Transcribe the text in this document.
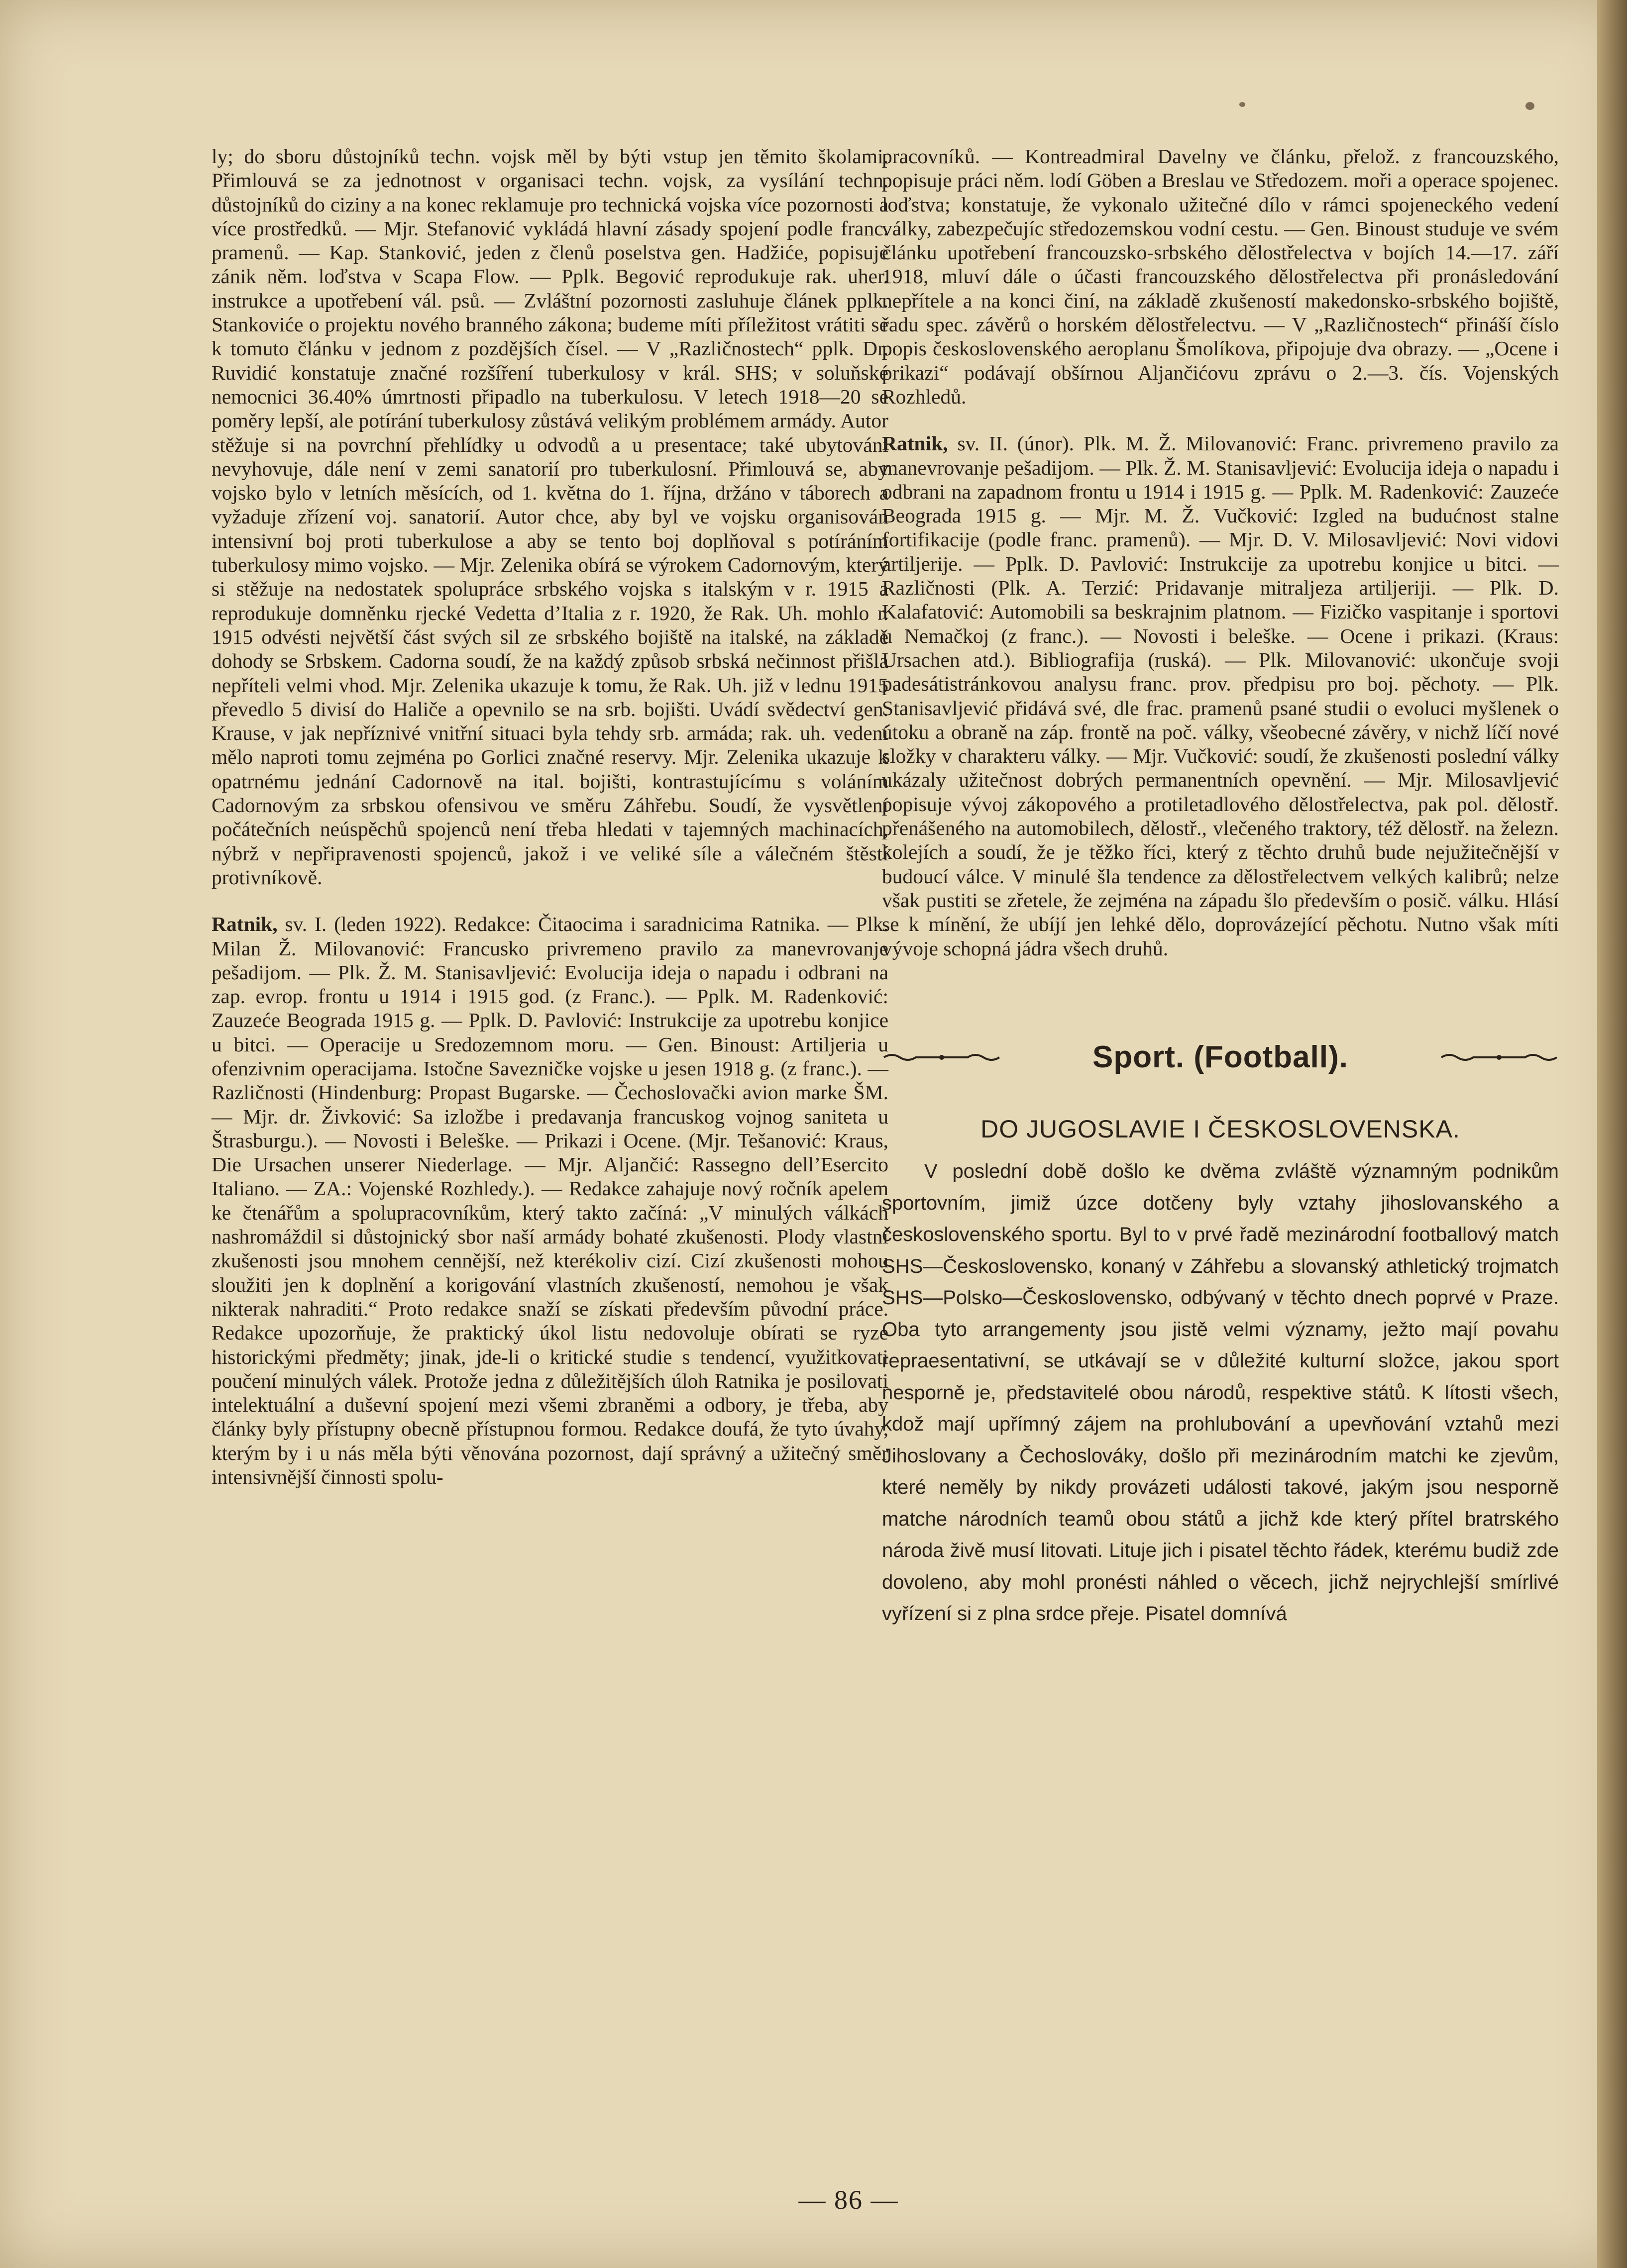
ly; do sboru důstojníků techn. vojsk měl by býti vstup jen těmito školami. Přimlouvá se za jednotnost v organisaci techn. vojsk, za vysílání techn. důstojníků do ciziny a na konec reklamuje pro technická vojska více pozornosti a více prostředků. — Mjr. Stefanović vykládá hlavní zásady spojení podle franc. pramenů. — Kap. Stanković, jeden z členů poselstva gen. Hadžiće, popisuje zánik něm. loďstva v Scapa Flow. — Pplk. Begović reprodukuje rak. uher. instrukce a upotřebení vál. psů. — Zvláštní pozornosti zasluhuje článek pplk. Stankoviće o projektu nového branného zákona; budeme míti příležitost vrátiti se k tomuto článku v jednom z pozdějších čísel. — V „Različnostech“ pplk. Dr. Ruvidić konstatuje značné rozšíření tuberkulosy v král. SHS; v soluňské nemocnici 36.40% úmrtnosti připadlo na tuberkulosu. V letech 1918—20 se poměry lepší, ale potírání tuberkulosy zůstává velikým problémem armády. Autor stěžuje si na povrchní přehlídky u odvodů a u presentace; také ubytování nevyhovuje, dále není v zemi sanatorií pro tuberkulosní. Přimlouvá se, aby vojsko bylo v letních měsících, od 1. května do 1. října, držáno v táborech a vyžaduje zřízení voj. sanatorií. Autor chce, aby byl ve vojsku organisován intensivní boj proti tuberkulose a aby se tento boj doplňoval s potíráním tuberkulosy mimo vojsko. — Mjr. Zelenika obírá se výrokem Cadornovým, který si stěžuje na nedostatek spolupráce srbského vojska s italským v r. 1915 a reprodukuje domněnku rjecké Vedetta d’Italia z r. 1920, že Rak. Uh. mohlo r. 1915 odvésti největší část svých sil ze srbského bojiště na italské, na základě dohody se Srbskem. Cadorna soudí, že na každý způsob srbská nečinnost přišla nepříteli velmi vhod. Mjr. Zelenika ukazuje k tomu, že Rak. Uh. již v lednu 1915 převedlo 5 divisí do Haliče a opevnilo se na srb. bojišti. Uvádí svědectví gen. Krause, v jak nepříznivé vnitřní situaci byla tehdy srb. armáda; rak. uh. vedení mělo naproti tomu zejména po Gorlici značné reservy. Mjr. Zelenika ukazuje k opatrnému jednání Cadornově na ital. bojišti, kontrastujícímu s voláním Cadornovým za srbskou ofensivou ve směru Záhřebu. Soudí, že vysvětlení počátečních neúspěchů spojenců není třeba hledati v tajemných machinacích, nýbrž v nepřipravenosti spojenců, jakož i ve veliké síle a válečném štěstí protivníkově.

Ratnik, sv. I. (leden 1922). Redakce: Čitaocima i saradnicima Ratnika. — Plk. Milan Ž. Milovanović: Francusko privremeno pravilo za manevrovanje pešadijom. — Plk. Ž. M. Stanisavljević: Evolucija ideja o napadu i odbrani na zap. evrop. frontu u 1914 i 1915 god. (z Franc.). — Pplk. M. Radenković: Zauzeće Beograda 1915 g. — Pplk. D. Pavlović: Instrukcije za upotrebu konjice u bitci. — Operacije u Sredozemnom moru. — Gen. Binoust: Artiljeria u ofenzivnim operacijama. Istočne Savezničke vojske u jesen 1918 g. (z franc.). — Različnosti (Hindenburg: Propast Bugarske. — Čechoslovački avion marke ŠM. — Mjr. dr. Živković: Sa izložbe i predavanja francuskog vojnog saniteta u Štrasburgu.). — Novosti i Beleške. — Prikazi i Ocene. (Mjr. Tešanović: Kraus, Die Ursachen unserer Niederlage. — Mjr. Aljančić: Rassegno dell’Esercito Italiano. — ZA.: Vojenské Rozhledy.). — Redakce zahajuje nový ročník apelem ke čtenářům a spolupracovníkům, který takto začíná: „V minulých válkách nashromáždil si důstojnický sbor naší armády bohaté zkušenosti. Plody vlastní zkušenosti jsou mnohem cennější, než kterékoliv cizí. Cizí zkušenosti mohou sloužiti jen k doplnění a korigování vlastních zkušeností, nemohou je však nikterak nahraditi.“ Proto redakce snaží se získati především původní práce. Redakce upozorňuje, že praktický úkol listu nedovoluje obírati se ryze historickými předměty; jinak, jde-li o kritické studie s tendencí, využitkovati poučení minulých válek. Protože jedna z důležitějších úloh Ratnika je posilovati intelektuální a duševní spojení mezi všemi zbraněmi a odbory, je třeba, aby články byly přístupny obecně přístupnou formou. Redakce doufá, že tyto úvahy, kterým by i u nás měla býti věnována pozornost, dají správný a užitečný směr intensivnější činnosti spolu-

pracovníků. — Kontreadmiral Davelny ve článku, přelož. z francouzského, popisuje práci něm. lodí Göben a Breslau ve Středozem. moři a operace spojenec. loďstva; konstatuje, že vykonalo užitečné dílo v rámci spojeneckého vedení války, zabezpečujíc středozemskou vodní cestu. — Gen. Binoust studuje ve svém článku upotřebení francouzsko-srbského dělostřelectva v bojích 14.—17. září 1918, mluví dále o účasti francouzského dělostřelectva při pronásledování nepřítele a na konci činí, na základě zkušeností makedonsko-srbského bojiště, řadu spec. závěrů o horském dělostřelectvu. — V „Različnostech“ přináší číslo popis československého aeroplanu Šmolíkova, připojuje dva obrazy. — „Ocene i prikazi“ podávají obšírnou Aljančićovu zprávu o 2.—3. čís. Vojenských Rozhledů.

Ratnik, sv. II. (únor). Plk. M. Ž. Milovanović: Franc. privremeno pravilo za manevrovanje pešadijom. — Plk. Ž. M. Stanisavljević: Evolucija ideja o napadu i odbrani na zapadnom frontu u 1914 i 1915 g. — Pplk. M. Radenković: Zauzeće Beograda 1915 g. — Mjr. M. Ž. Vučković: Izgled na budućnost stalne fortifikacije (podle franc. pramenů). — Mjr. D. V. Milosavljević: Novi vidovi artiljerije. — Pplk. D. Pavlović: Instrukcije za upotrebu konjice u bitci. — Različnosti (Plk. A. Terzić: Pridavanje mitraljeza artiljeriji. — Plk. D. Kalafatović: Automobili sa beskrajnim platnom. — Fizičko vaspitanje i sportovi u Nemačkoj (z franc.). — Novosti i beleške. — Ocene i prikazi. (Kraus: Ursachen atd.). Bibliografija (ruská). — Plk. Milovanović: ukončuje svoji padesátistránkovou analysu franc. prov. předpisu pro boj. pěchoty. — Plk. Stanisavljević přidává své, dle frac. pramenů psané studii o evoluci myšlenek o útoku a obraně na záp. frontě na poč. války, všeobecné závěry, v nichž líčí nové složky v charakteru války. — Mjr. Vučković: soudí, že zkušenosti poslední války ukázaly užitečnost dobrých permanentních opevnění. — Mjr. Milosavljević popisuje vývoj zákopového a protiletadlového dělostřelectva, pak pol. dělostř. přenášeného na automobilech, dělostř., vlečeného traktory, též dělostř. na železn. kolejích a soudí, že je těžko říci, který z těchto druhů bude nejužitečnější v budoucí válce. V minulé šla tendence za dělostřelectvem velkých kalibrů; nelze však pustiti se zřetele, že zejména na západu šlo především o posič. válku. Hlásí se k mínění, že ubíjí jen lehké dělo, doprovázející pěchotu. Nutno však míti vývoje schopná jádra všech druhů.

Sport. (Football).

DO JUGOSLAVIE I ČESKOSLOVENSKA.

V poslední době došlo ke dvěma zvláště významným podnikům sportovním, jimiž úzce dotčeny byly vztahy jihoslovanského a československého sportu. Byl to v prvé řadě mezinárodní footballový match SHS—Československo, konaný v Záhřebu a slovanský athletický trojmatch SHS—Polsko—Československo, odbývaný v těchto dnech poprvé v Praze. Oba tyto arrangementy jsou jistě velmi významy, ježto mají povahu repraesentativní, se utkávají se v důležité kulturní složce, jakou sport nesporně je, představitelé obou národů, respektive států. K lítosti všech, kdož mají upřímný zájem na prohlubování a upevňování vztahů mezi Jihoslovany a Čechoslováky, došlo při mezinárodním matchi ke zjevům, které neměly by nikdy provázeti události takové, jakým jsou nesporně matche národních teamů obou států a jichž kde který přítel bratrského národa živě musí litovati. Lituje jich i pisatel těchto řádek, kterému budiž zde dovoleno, aby mohl pronésti náhled o věcech, jichž nejrychlejší smírlivé vyřízení si z plna srdce přeje. Pisatel domnívá

— 86 —
